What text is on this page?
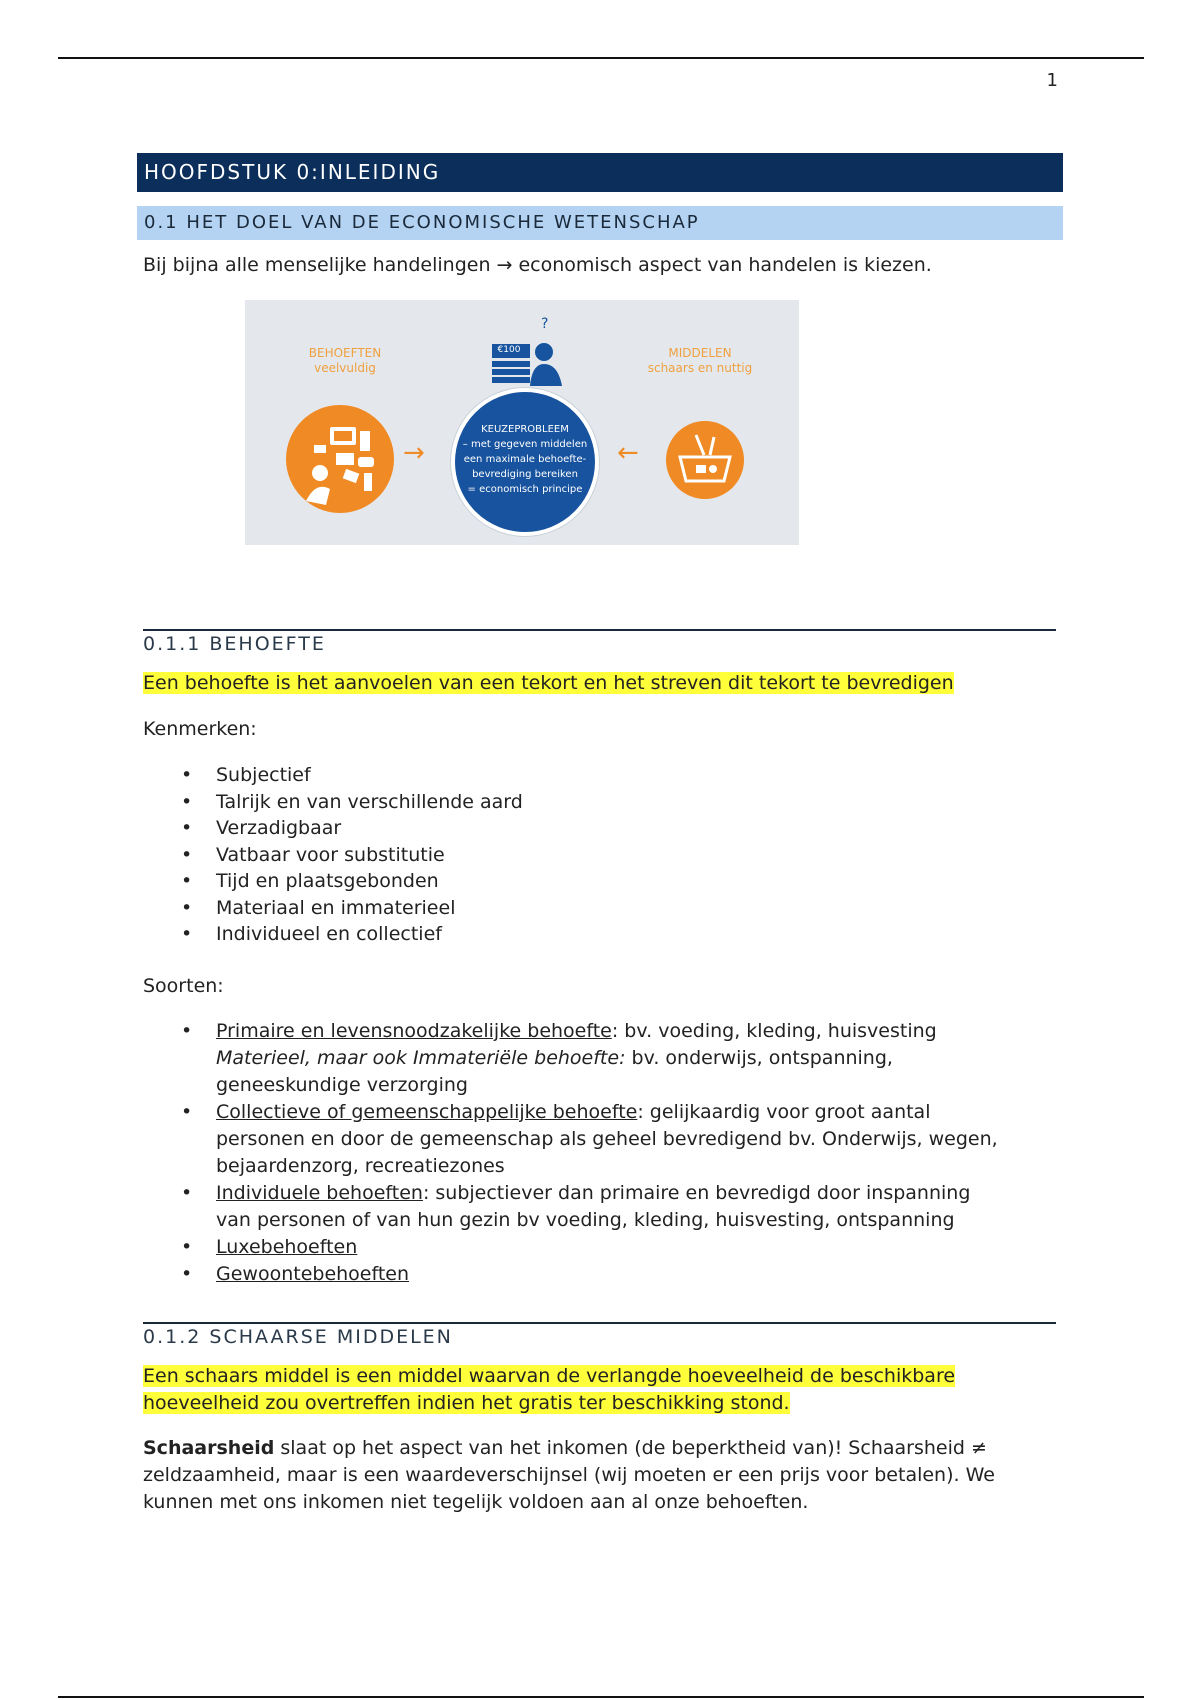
1
HOOFDSTUK 0:INLEIDING
0.1 HET DOEL VAN DE ECONOMISCHE WETENSCHAP
Bij bijna alle menselijke handelingen → economisch aspect van handelen is kiezen.
BEHOEFTEN
veelvuldig
MIDDELEN
schaars en nuttig
→
?
€100
KEUZEPROBLEEM
– met gegeven middelen
een maximale behoefte-
bevrediging bereiken
= economisch principe
←
0.1.1 BEHOEFTE
Een behoefte is het aanvoelen van een tekort en het streven dit tekort te bevredigen
Kenmerken:
• Subjectief
• Talrijk en van verschillende aard
• Verzadigbaar
• Vatbaar voor substitutie
• Tijd en plaatsgebonden
• Materiaal en immaterieel
• Individueel en collectief
Soorten:
• Primaire en levensnoodzakelijke behoefte: bv. voeding, kleding, huisvesting
Materieel, maar ook Immateriële behoefte: bv. onderwijs, ontspanning,
geneeskundige verzorging
• Collectieve of gemeenschappelijke behoefte: gelijkaardig voor groot aantal
personen en door de gemeenschap als geheel bevredigend bv. Onderwijs, wegen,
bejaardenzorg, recreatiezones
• Individuele behoeften: subjectiever dan primaire en bevredigd door inspanning
van personen of van hun gezin bv voeding, kleding, huisvesting, ontspanning
• Luxebehoeften
• Gewoontebehoeften
0.1.2 SCHAARSE MIDDELEN
Een schaars middel is een middel waarvan de verlangde hoeveelheid de beschikbare
hoeveelheid zou overtreffen indien het gratis ter beschikking stond.
Schaarsheid slaat op het aspect van het inkomen (de beperktheid van)! Schaarsheid ≠
zeldzaamheid, maar is een waardeverschijnsel (wij moeten er een prijs voor betalen). We
kunnen met ons inkomen niet tegelijk voldoen aan al onze behoeften.
